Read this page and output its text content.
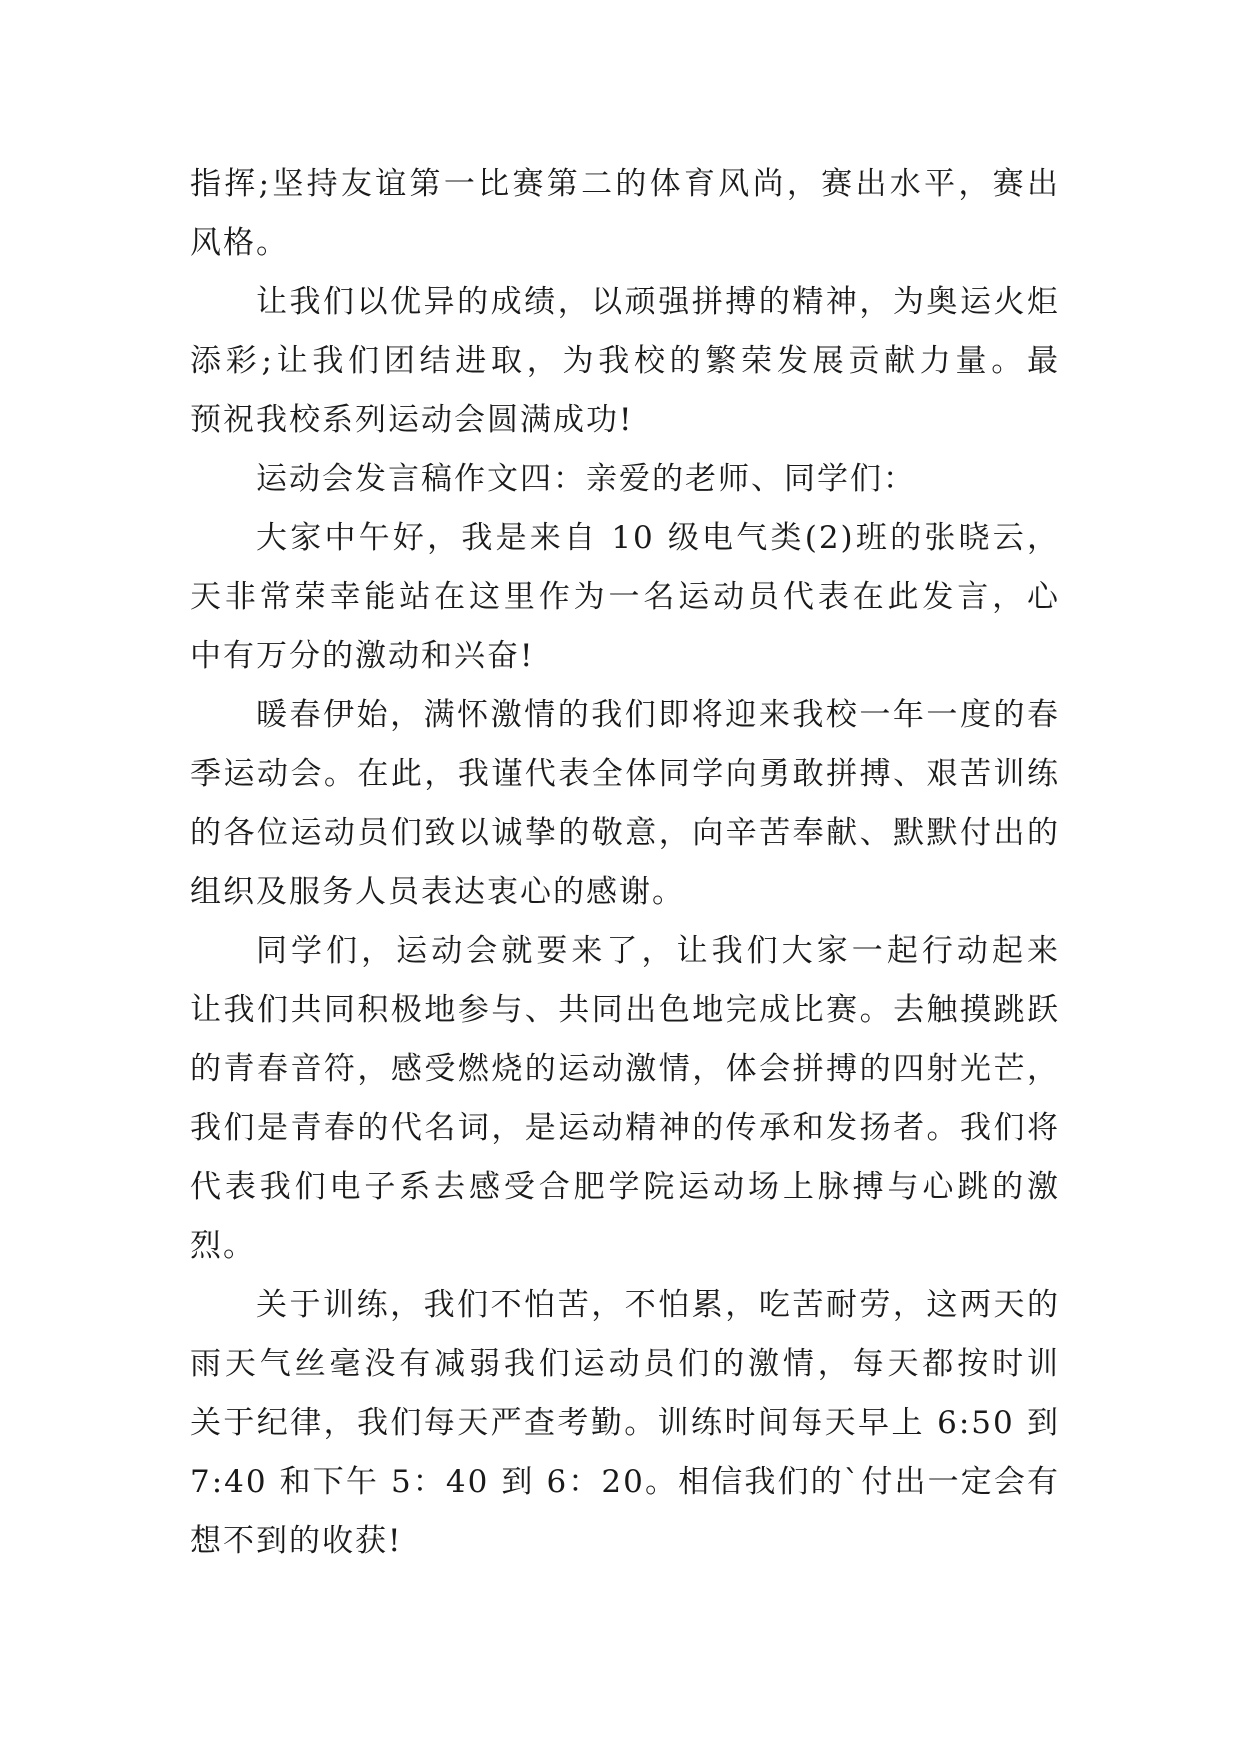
指挥;坚持友谊第一比赛第二的体育风尚，赛出水平，赛出
风格。
让我们以优异的成绩，以顽强拼搏的精神，为奥运火炬
添彩;让我们团结进取，为我校的繁荣发展贡献力量。最
预祝我校系列运动会圆满成功!
运动会发言稿作文四：亲爱的老师、同学们：
大家中午好，我是来自 10 级电气类(2)班的张晓云，
天非常荣幸能站在这里作为一名运动员代表在此发言，心
中有万分的激动和兴奋!
暖春伊始，满怀激情的我们即将迎来我校一年一度的春
季运动会。在此，我谨代表全体同学向勇敢拼搏、艰苦训练
的各位运动员们致以诚挚的敬意，向辛苦奉献、默默付出的
组织及服务人员表达衷心的感谢。
同学们，运动会就要来了，让我们大家一起行动起来
让我们共同积极地参与、共同出色地完成比赛。去触摸跳跃
的青春音符，感受燃烧的运动激情，体会拼搏的四射光芒，
我们是青春的代名词，是运动精神的传承和发扬者。我们将
代表我们电子系去感受合肥学院运动场上脉搏与心跳的激
烈。
关于训练，我们不怕苦，不怕累，吃苦耐劳，这两天的
雨天气丝毫没有减弱我们运动员们的激情，每天都按时训
关于纪律，我们每天严查考勤。训练时间每天早上 6:50 到
7:40 和下午 5：40 到 6：20。相信我们的`付出一定会有
想不到的收获!
